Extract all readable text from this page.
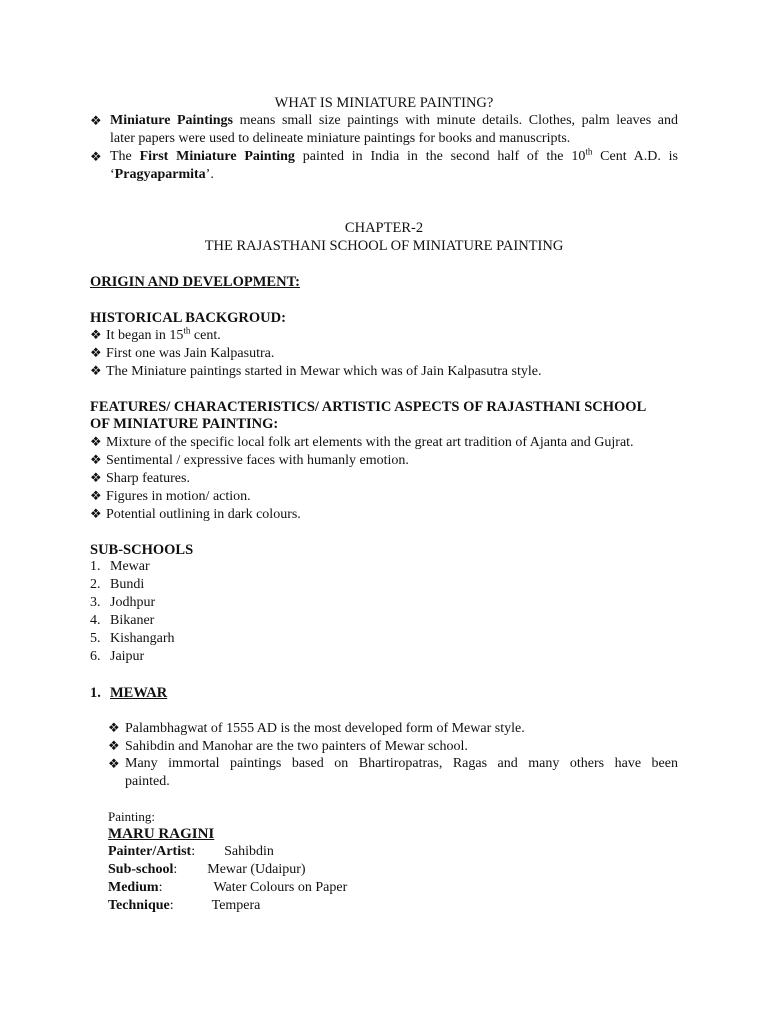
WHAT IS MINIATURE PAINTING?
❖ Miniature Paintings means small size paintings with minute details. Clothes, palm leaves and
later papers were used to delineate miniature paintings for books and manuscripts.
❖ The First Miniature Painting painted in India in the second half of the 10th Cent A.D. is
‘Pragyaparmita’.
CHAPTER-2
THE RAJASTHANI SCHOOL OF MINIATURE PAINTING
ORIGIN AND DEVELOPMENT:
HISTORICAL BACKGROUD:
❖ It began in 15th cent.
❖ First one was Jain Kalpasutra.
❖ The Miniature paintings started in Mewar which was of Jain Kalpasutra style.
FEATURES/ CHARACTERISTICS/ ARTISTIC ASPECTS OF RAJASTHANI SCHOOL
OF MINIATURE PAINTING:
❖ Mixture of the specific local folk art elements with the great art tradition of Ajanta and Gujrat.
❖ Sentimental / expressive faces with humanly emotion.
❖ Sharp features.
❖ Figures in motion/ action.
❖ Potential outlining in dark colours.
SUB-SCHOOLS
1. Mewar
2. Bundi
3. Jodhpur
4. Bikaner
5. Kishangarh
6. Jaipur
1. MEWAR
❖ Palambhagwat of 1555 AD is the most developed form of Mewar style.
❖ Sahibdin and Manohar are the two painters of Mewar school.
❖ Many immortal paintings based on Bhartiropatras, Ragas and many others have been
painted.
Painting:
MARU RAGINI
Painter/Artist: Sahibdin
Sub-school: Mewar (Udaipur)
Medium:	Water Colours on Paper
Technique:	Tempera
